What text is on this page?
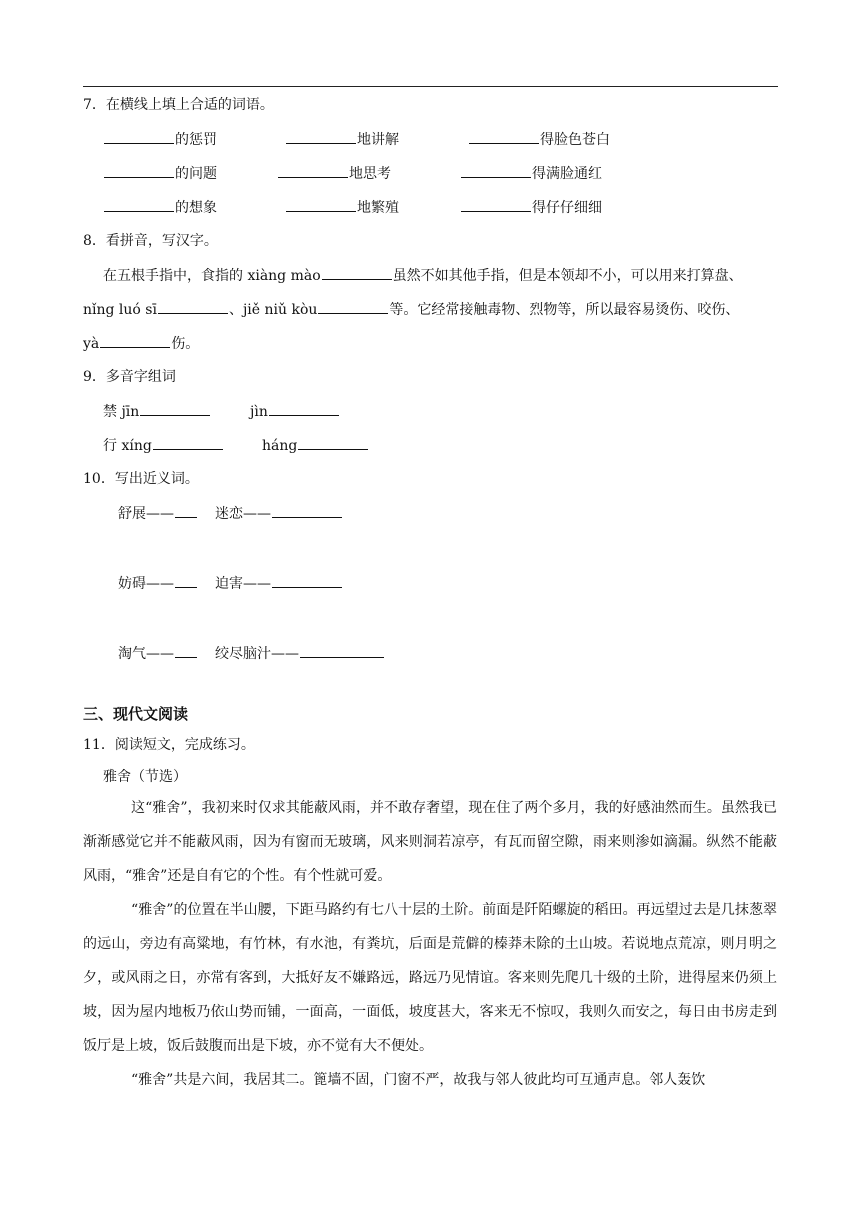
7．在横线上填上合适的词语。
的惩罚	地讲解	得脸色苍白
的问题	地思考	得满脸通红
的想象	地繁殖	得仔仔细细
8．看拼音，写汉字。
在五根手指中，食指的 xiàng mào	虽然不如其他手指，但是本领却不小，可以用来打算盘、
nǐng luó sī	、jiě niǔ kòu	等。它经常接触毒物、烈物等，所以最容易烫伤、咬伤、
yà	伤。
9．多音字组词
禁 jīn	jìn
行 xíng	háng
10．写出近义词。
舒展——	迷恋——
妨碍——	迫害——
淘气——	绞尽脑汁——
三、现代文阅读
11．阅读短文，完成练习。
雅舍（节选）
这“雅舍”，我初来时仅求其能蔽风雨，并不敢存奢望，现在住了两个多月，我的好感油然而生。虽然我已渐渐感觉它并不能蔽风雨，因为有窗而无玻璃，风来则洞若凉亭，有瓦而留空隙，雨来则渗如滴漏。纵然不能蔽风雨，“雅舍”还是自有它的个性。有个性就可爱。
“雅舍”的位置在半山腰，下距马路约有七八十层的土阶。前面是阡陌螺旋的稻田。再远望过去是几抹葱翠的远山，旁边有高粱地，有竹林，有水池，有粪坑，后面是荒僻的榛莽未除的土山坡。若说地点荒凉，则月明之夕，或风雨之日，亦常有客到，大抵好友不嫌路远，路远乃见情谊。客来则先爬几十级的土阶，进得屋来仍须上坡，因为屋内地板乃依山势而铺，一面高，一面低，坡度甚大，客来无不惊叹，我则久而安之，每日由书房走到饭厅是上坡，饭后鼓腹而出是下坡，亦不觉有大不便处。
“雅舍”共是六间，我居其二。篦墙不固，门窗不严，故我与邻人彼此均可互通声息。邻人轰饮
